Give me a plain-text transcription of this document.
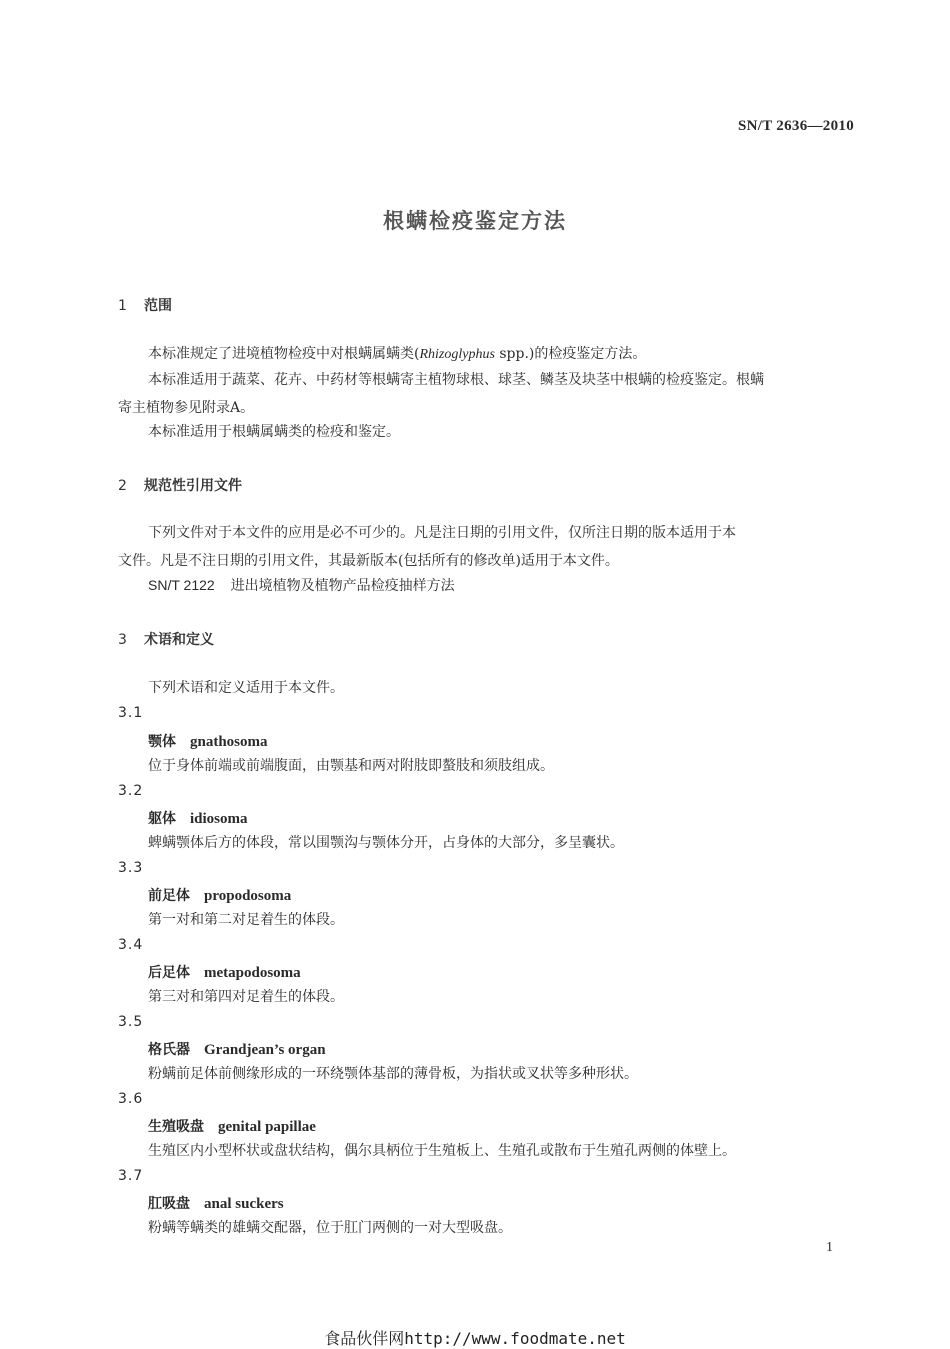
SN/T 2636—2010
根螨检疫鉴定方法
1 范围
本标准规定了进境植物检疫中对根螨属螨类(Rhizoglyphus spp.)的检疫鉴定方法。
本标准适用于蔬菜、花卉、中药材等根螨寄主植物球根、球茎、鳞茎及块茎中根螨的检疫鉴定。根螨
寄主植物参见附录A。
本标准适用于根螨属螨类的检疫和鉴定。
2 规范性引用文件
下列文件对于本文件的应用是必不可少的。凡是注日期的引用文件，仅所注日期的版本适用于本
文件。凡是不注日期的引用文件，其最新版本(包括所有的修改单)适用于本文件。
SN/T 2122 进出境植物及植物产品检疫抽样方法
3 术语和定义
下列术语和定义适用于本文件。
3.1
颚体 gnathosoma
位于身体前端或前端腹面，由颚基和两对附肢即螯肢和须肢组成。
3.2
躯体 idiosoma
蜱螨颚体后方的体段，常以围颚沟与颚体分开，占身体的大部分，多呈囊状。
3.3
前足体 propodosoma
第一对和第二对足着生的体段。
3.4
后足体 metapodosoma
第三对和第四对足着生的体段。
3.5
格氏器 Grandjean’s organ
粉螨前足体前侧缘形成的一环绕颚体基部的薄骨板，为指状或叉状等多种形状。
3.6
生殖吸盘 genital papillae
生殖区内小型杯状或盘状结构，偶尔具柄位于生殖板上、生殖孔或散布于生殖孔两侧的体壁上。
3.7
肛吸盘 anal suckers
粉螨等螨类的雄螨交配器，位于肛门两侧的一对大型吸盘。
1
食品伙伴网http://www.foodmate.net
